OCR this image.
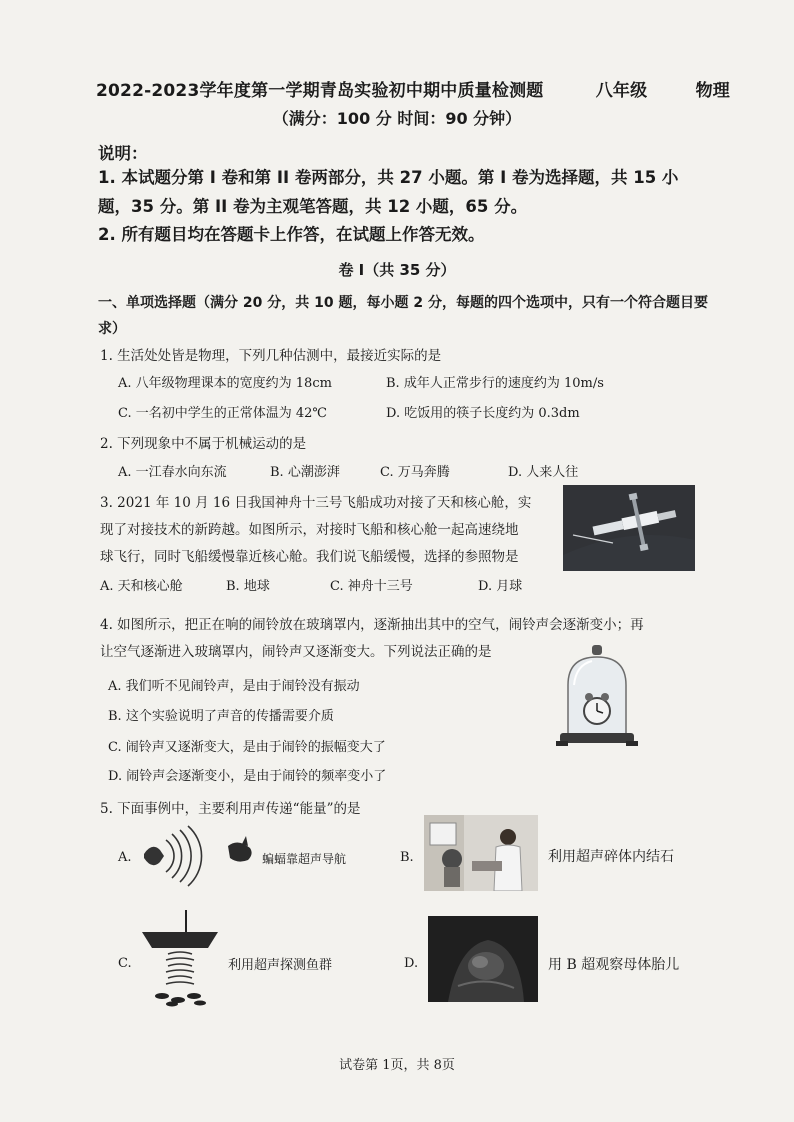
2022-2023学年度第一学期青岛实验初中期中质量检测题	八年级	物理
（满分：100 分 时间：90 分钟）
说明：
1. 本试题分第 I 卷和第 II 卷两部分，共 27 小题。第 I 卷为选择题，共 15 小
题，35 分。第 II 卷为主观笔答题，共 12 小题，65 分。
2. 所有题目均在答题卡上作答，在试题上作答无效。
卷 I（共 35 分）
一、单项选择题（满分 20 分，共 10 题，每小题 2 分，每题的四个选项中，只有一个符合题目要
求）
1. 生活处处皆是物理，下列几种估测中，最接近实际的是
A. 八年级物理课本的宽度约为 18cm	B. 成年人正常步行的速度约为 10m/s
C. 一名初中学生的正常体温为 42℃	D. 吃饭用的筷子长度约为 0.3dm
2. 下列现象中不属于机械运动的是
A. 一江春水向东流	B. 心潮澎湃	C. 万马奔腾	D. 人来人往
3. 2021 年 10 月 16 日我国神舟十三号飞船成功对接了天和核心舱，实
现了对接技术的新跨越。如图所示，对接时飞船和核心舱一起高速绕地
球飞行，同时飞船缓慢靠近核心舱。我们说飞船缓慢，选择的参照物是
A. 天和核心舱	B. 地球	C. 神舟十三号	D. 月球
4. 如图所示，把正在响的闹铃放在玻璃罩内，逐渐抽出其中的空气，闹铃声会逐渐变小；再
让空气逐渐进入玻璃罩内，闹铃声又逐渐变大。下列说法正确的是
A. 我们听不见闹铃声，是由于闹铃没有振动
B. 这个实验说明了声音的传播需要介质
C. 闹铃声又逐渐变大，是由于闹铃的振幅变大了
D. 闹铃声会逐渐变小，是由于闹铃的频率变小了
5. 下面事例中，主要利用声传递“能量”的是
A.	蝙蝠靠超声导航	B.	利用超声碎体内结石
C.	利用超声探测鱼群	D.	用 B 超观察母体胎儿
试卷第 1页，共 8页
